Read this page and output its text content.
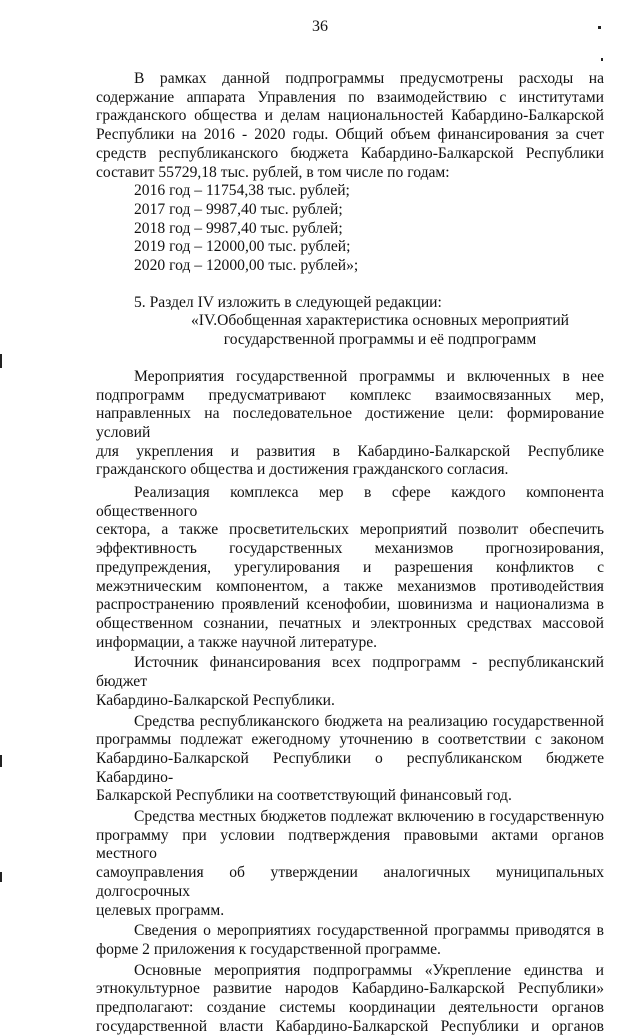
36

В рамках данной подпрограммы предусмотрены расходы на

содержание аппарата Управления по взаимодействию с институтами

гражданского общества и делам национальностей Кабардино-Балкарской

Республики на 2016 - 2020 годы. Общий объем финансирования за счет

средств республиканского бюджета Кабардино-Балкарской Республики

составит 55729,18 тыс. рублей, в том числе по годам:

2016 год – 11754,38 тыс. рублей;

2017 год – 9987,40 тыс. рублей;

2018 год – 9987,40 тыс. рублей;

2019 год – 12000,00 тыс. рублей;

2020 год – 12000,00 тыс. рублей»;

5. Раздел IV изложить в следующей редакции:

«IV.Обобщенная характеристика основных мероприятий

государственной программы и её подпрограмм

Мероприятия государственной программы и включенных в нее

подпрограмм предусматривают комплекс взаимосвязанных мер,

направленных на последовательное достижение цели: формирование условий

для укрепления и развития в Кабардино-Балкарской Республике

гражданского общества и достижения гражданского согласия.

Реализация комплекса мер в сфере каждого компонента общественного

сектора, а также просветительских мероприятий позволит обеспечить

эффективность государственных механизмов прогнозирования,

предупреждения, урегулирования и разрешения конфликтов с

межэтническим компонентом, а также механизмов противодействия

распространению проявлений ксенофобии, шовинизма и национализма в

общественном сознании, печатных и электронных средствах массовой

информации, а также научной литературе.

Источник финансирования всех подпрограмм - республиканский бюджет

Кабардино-Балкарской Республики.

Средства республиканского бюджета на реализацию государственной

программы подлежат ежегодному уточнению в соответствии с законом

Кабардино-Балкарской Республики о республиканском бюджете Кабардино-

Балкарской Республики на соответствующий финансовый год.

Средства местных бюджетов подлежат включению в государственную

программу при условии подтверждения правовыми актами органов местного

самоуправления об утверждении аналогичных муниципальных долгосрочных

целевых программ.

Сведения о мероприятиях государственной программы приводятся в

форме 2 приложения к государственной программе.

Основные мероприятия подпрограммы «Укрепление единства и

этнокультурное развитие народов Кабардино-Балкарской Республики»

предполагают: создание системы координации деятельности органов

государственной власти Кабардино-Балкарской Республики и органов
